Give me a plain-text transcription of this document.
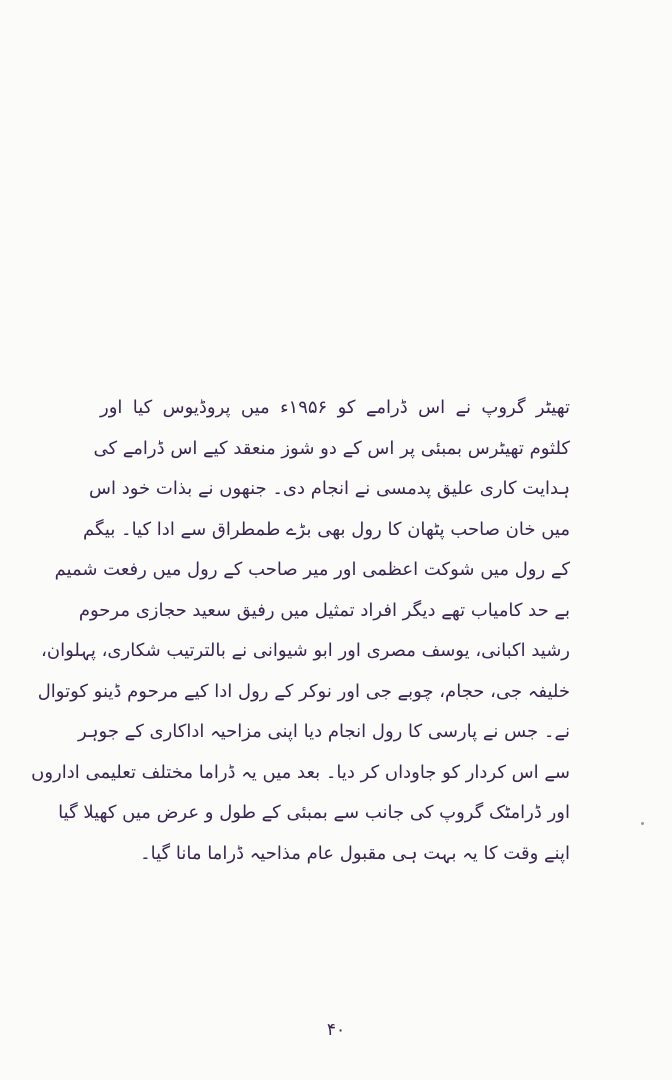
تھیٹر گروپ نے اس ڈرامے کو ۱۹۵۶ء میں پروڈیوس کیا اور
کلثوم تھیٹرس بمبئی پر اس کے دو شوز منعقد کیے اس ڈرامے کی
ہدایت کاری علیق پدمسی نے انجام دی۔ جنھوں نے بذات خود اس
میں خان صاحب پٹھان کا رول بھی بڑے طمطراق سے ادا کیا۔ بیگم
کے رول میں شوکت اعظمی اور میر صاحب کے رول میں رفعت شمیم
بے حد کامیاب تھے دیگر افراد تمثیل میں رفیق سعید حجازی مرحوم
رشید اکبانی، یوسف مصری اور ابو شیوانی نے بالترتیب شکاری، پہلوان،
خلیفہ جی، حجام، چوبے جی اور نوکر کے رول ادا کیے مرحوم ڈینو کوتوال
نے۔ جس نے پارسی کا رول انجام دیا اپنی مزاحیہ اداکاری کے جوہر
سے اس کردار کو جاوداں کر دیا۔ بعد میں یہ ڈراما مختلف تعلیمی اداروں
اور ڈرامٹک گروپ کی جانب سے بمبئی کے طول و عرض میں کھیلا گیا
اپنے وقت کا یہ بہت ہی مقبول عام مذاحیہ ڈراما مانا گیا۔
۴۰
